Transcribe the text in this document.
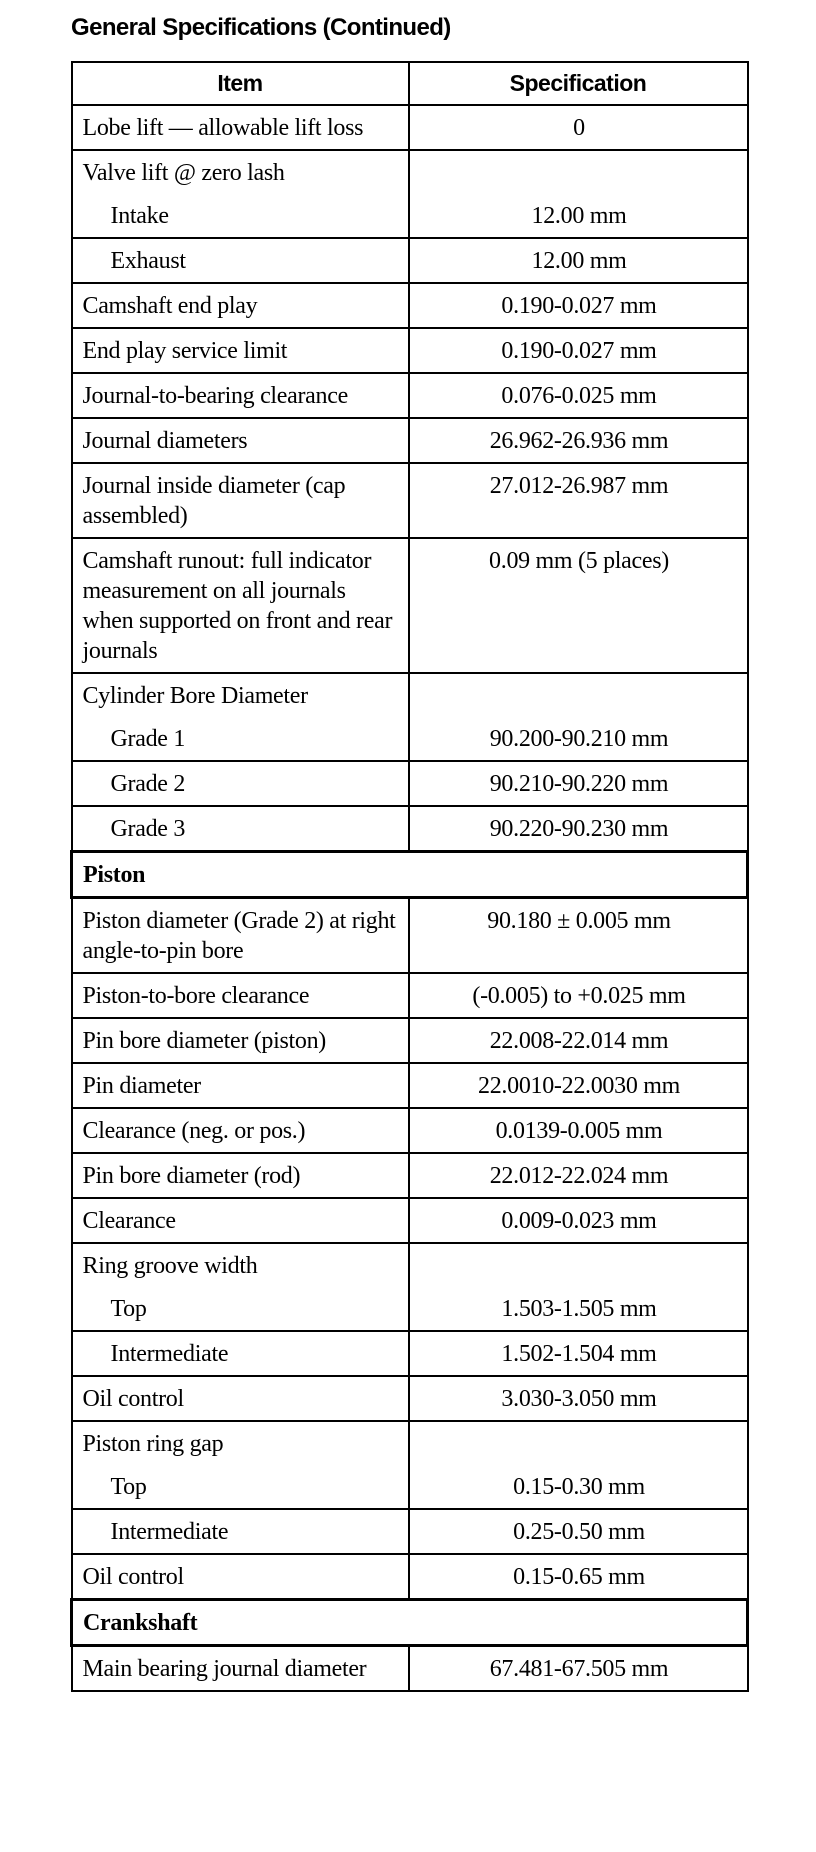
General Specifications (Continued)
Item	Specification
Lobe lift — allowable lift loss	0
Valve lift @ zero lash	
Intake	12.00 mm
Exhaust	12.00 mm
Camshaft end play	0.190-0.027 mm
End play service limit	0.190-0.027 mm
Journal-to-bearing clearance	0.076-0.025 mm
Journal diameters	26.962-26.936 mm
Journal inside diameter (cap assembled)	27.012-26.987 mm
Camshaft runout: full indicator measurement on all journals when supported on front and rear journals	0.09 mm (5 places)
Cylinder Bore Diameter	
Grade 1	90.200-90.210 mm
Grade 2	90.210-90.220 mm
Grade 3	90.220-90.230 mm
Piston	
Piston diameter (Grade 2) at right angle-to-pin bore	90.180 ± 0.005 mm
Piston-to-bore clearance	(-0.005) to +0.025 mm
Pin bore diameter (piston)	22.008-22.014 mm
Pin diameter	22.0010-22.0030 mm
Clearance (neg. or pos.)	0.0139-0.005 mm
Pin bore diameter (rod)	22.012-22.024 mm
Clearance	0.009-0.023 mm
Ring groove width	
Top	1.503-1.505 mm
Intermediate	1.502-1.504 mm
Oil control	3.030-3.050 mm
Piston ring gap	
Top	0.15-0.30 mm
Intermediate	0.25-0.50 mm
Oil control	0.15-0.65 mm
Crankshaft	
Main bearing journal diameter	67.481-67.505 mm
